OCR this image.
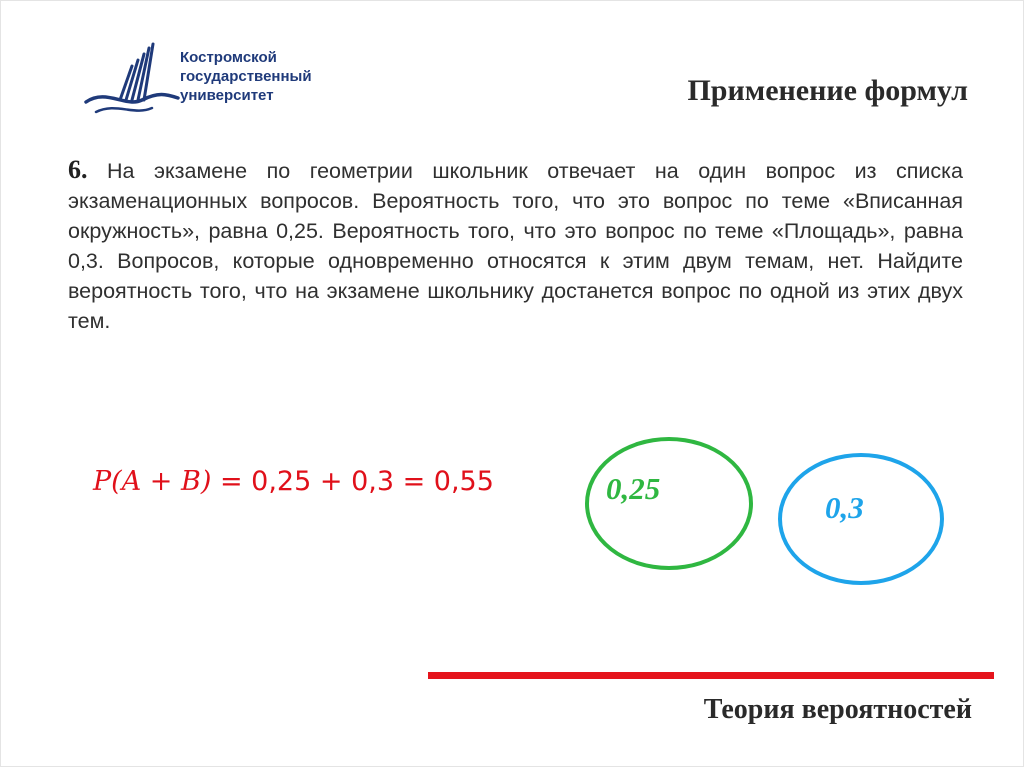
Костромской
государственный
университет	Применение формул
6. На экзамене по геометрии школьник отвечает на один вопрос из списка экзаменационных вопросов. Вероятность того, что это вопрос по теме «Вписанная окружность», равна 0,25. Вероятность того, что это вопрос по теме «Площадь», равна 0,3. Вопросов, которые одновременно относятся к этим двум темам, нет. Найдите вероятность того, что на экзамене школьнику достанется вопрос по одной из этих двух тем.
P(A + B) = 0,25 + 0,3 = 0,55	0,25
0,3
Теория вероятностей
